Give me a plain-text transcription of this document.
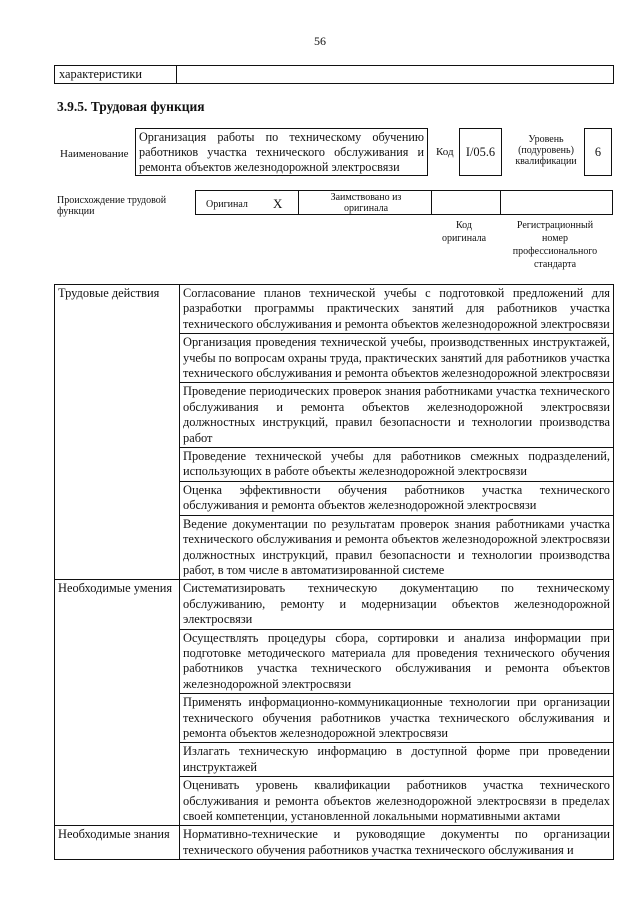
56
характеристики
3.9.5. Трудовая функция
Наименование
Организация работы по техническому обучению работников участка технического обслуживания и ремонта объектов железнодорожной электросвязи
Код I/05.6
Уровень (подуровень) квалификации
6
Происхождение трудовой функции
Оригинал X	Заимствовано из оригинала
Код оригинала
Регистрационный номер профессионального стандарта
Трудовые действия	Согласование планов технической учебы с подготовкой предложений для разработки программы практических занятий для работников участка технического обслуживания и ремонта объектов железнодорожной электросвязи
	Организация проведения технической учебы, производственных инструктажей, учебы по вопросам охраны труда, практических занятий для работников участка технического обслуживания и ремонта объектов железнодорожной электросвязи
	Проведение периодических проверок знания работниками участка технического обслуживания и ремонта объектов железнодорожной электросвязи должностных инструкций, правил безопасности и технологии производства работ
	Проведение технической учебы для работников смежных подразделений, использующих в работе объекты железнодорожной электросвязи
	Оценка эффективности обучения работников участка технического обслуживания и ремонта объектов железнодорожной электросвязи
	Ведение документации по результатам проверок знания работниками участка технического обслуживания и ремонта объектов железнодорожной электросвязи должностных инструкций, правил безопасности и технологии производства работ, в том числе в автоматизированной системе
Необходимые умения	Систематизировать техническую документацию по техническому обслуживанию, ремонту и модернизации объектов железнодорожной электросвязи
	Осуществлять процедуры сбора, сортировки и анализа информации при подготовке методического материала для проведения технического обучения работников участка технического обслуживания и ремонта объектов железнодорожной электросвязи
	Применять информационно-коммуникационные технологии при организации технического обучения работников участка технического обслуживания и ремонта объектов железнодорожной электросвязи
	Излагать техническую информацию в доступной форме при проведении инструктажей
	Оценивать уровень квалификации работников участка технического обслуживания и ремонта объектов железнодорожной электросвязи в пределах своей компетенции, установленной локальными нормативными актами
Необходимые знания	Нормативно-технические и руководящие документы по организации технического обучения работников участка технического обслуживания и
